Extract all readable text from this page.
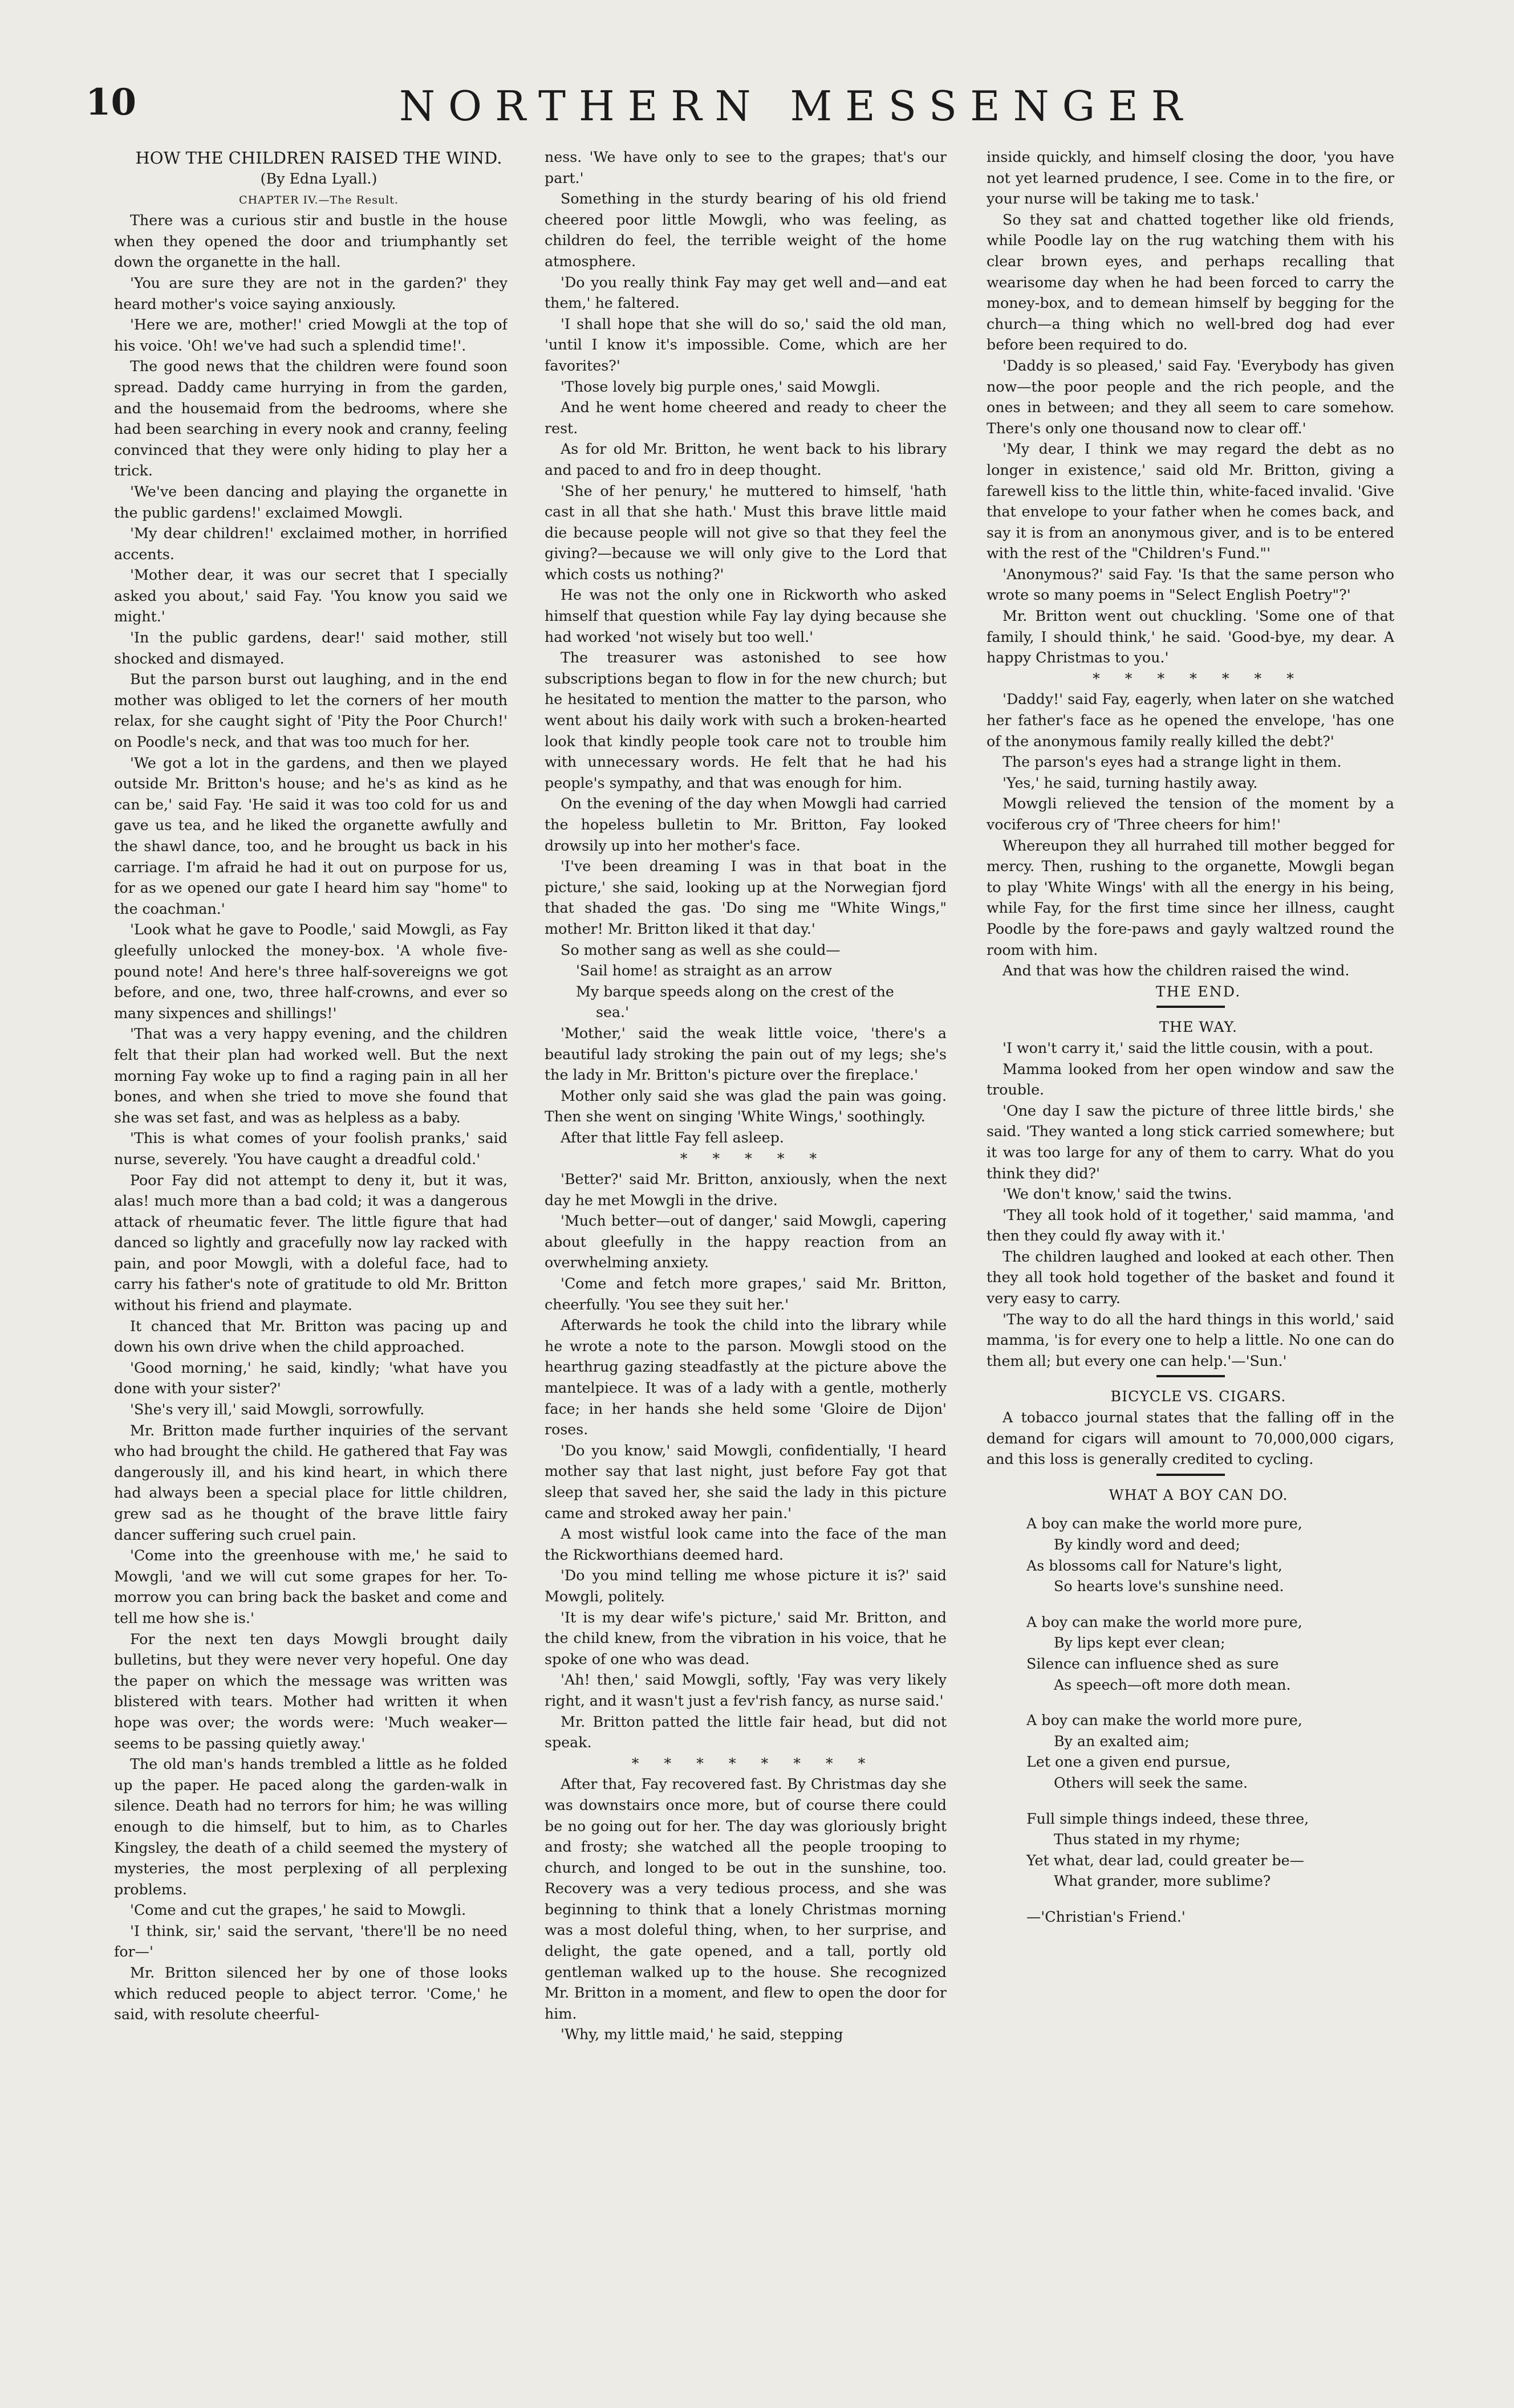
10	NORTHERN MESSENGER

HOW THE CHILDREN RAISED THE WIND.

(By Edna Lyall.)

CHAPTER IV.—The Result.

There was a curious stir and bustle in the house when they opened the door and triumphantly set down the organette in the hall.

'You are sure they are not in the garden?' they heard mother's voice saying anxiously.

'Here we are, mother!' cried Mowgli at the top of his voice. 'Oh! we've had such a splendid time!'.

The good news that the children were found soon spread. Daddy came hurrying in from the garden, and the housemaid from the bedrooms, where she had been searching in every nook and cranny, feeling convinced that they were only hiding to play her a trick.

'We've been dancing and playing the organette in the public gardens!' exclaimed Mowgli.

'My dear children!' exclaimed mother, in horrified accents.

'Mother dear, it was our secret that I specially asked you about,' said Fay. 'You know you said we might.'

'In the public gardens, dear!' said mother, still shocked and dismayed.

But the parson burst out laughing, and in the end mother was obliged to let the corners of her mouth relax, for she caught sight of 'Pity the Poor Church!' on Poodle's neck, and that was too much for her.

'We got a lot in the gardens, and then we played outside Mr. Britton's house; and he's as kind as he can be,' said Fay. 'He said it was too cold for us and gave us tea, and he liked the organette awfully and the shawl dance, too, and he brought us back in his carriage. I'm afraid he had it out on purpose for us, for as we opened our gate I heard him say "home" to the coachman.'

'Look what he gave to Poodle,' said Mowgli, as Fay gleefully unlocked the money-box. 'A whole five-pound note! And here's three half-sovereigns we got before, and one, two, three half-crowns, and ever so many sixpences and shillings!'

'That was a very happy evening, and the children felt that their plan had worked well. But the next morning Fay woke up to find a raging pain in all her bones, and when she tried to move she found that she was set fast, and was as helpless as a baby.

'This is what comes of your foolish pranks,' said nurse, severely. 'You have caught a dreadful cold.'

Poor Fay did not attempt to deny it, but it was, alas! much more than a bad cold; it was a dangerous attack of rheumatic fever. The little figure that had danced so lightly and gracefully now lay racked with pain, and poor Mowgli, with a doleful face, had to carry his father's note of gratitude to old Mr. Britton without his friend and playmate.

It chanced that Mr. Britton was pacing up and down his own drive when the child approached.

'Good morning,' he said, kindly; 'what have you done with your sister?'

'She's very ill,' said Mowgli, sorrowfully.

Mr. Britton made further inquiries of the servant who had brought the child. He gathered that Fay was dangerously ill, and his kind heart, in which there had always been a special place for little children, grew sad as he thought of the brave little fairy dancer suffering such cruel pain.

'Come into the greenhouse with me,' he said to Mowgli, 'and we will cut some grapes for her. To-morrow you can bring back the basket and come and tell me how she is.'

For the next ten days Mowgli brought daily bulletins, but they were never very hopeful. One day the paper on which the message was written was blistered with tears. Mother had written it when hope was over; the words were: 'Much weaker—seems to be passing quietly away.'

The old man's hands trembled a little as he folded up the paper. He paced along the garden-walk in silence. Death had no terrors for him; he was willing enough to die himself, but to him, as to Charles Kingsley, the death of a child seemed the mystery of mysteries, the most perplexing of all perplexing problems.

'Come and cut the grapes,' he said to Mowgli.

'I think, sir,' said the servant, 'there'll be no need for—'

Mr. Britton silenced her by one of those looks which reduced people to abject terror. 'Come,' he said, with resolute cheerful-

ness. 'We have only to see to the grapes; that's our part.'

Something in the sturdy bearing of his old friend cheered poor little Mowgli, who was feeling, as children do feel, the terrible weight of the home atmosphere.

'Do you really think Fay may get well and—and eat them,' he faltered.

'I shall hope that she will do so,' said the old man, 'until I know it's impossible. Come, which are her favorites?'

'Those lovely big purple ones,' said Mowgli.

And he went home cheered and ready to cheer the rest.

As for old Mr. Britton, he went back to his library and paced to and fro in deep thought.

'She of her penury,' he muttered to himself, 'hath cast in all that she hath.' Must this brave little maid die because people will not give so that they feel the giving?—because we will only give to the Lord that which costs us nothing?'

He was not the only one in Rickworth who asked himself that question while Fay lay dying because she had worked 'not wisely but too well.'

The treasurer was astonished to see how subscriptions began to flow in for the new church; but he hesitated to mention the matter to the parson, who went about his daily work with such a broken-hearted look that kindly people took care not to trouble him with unnecessary words. He felt that he had his people's sympathy, and that was enough for him.

On the evening of the day when Mowgli had carried the hopeless bulletin to Mr. Britton, Fay looked drowsily up into her mother's face.

'I've been dreaming I was in that boat in the picture,' she said, looking up at the Norwegian fjord that shaded the gas. 'Do sing me "White Wings," mother! Mr. Britton liked it that day.'

So mother sang as well as she could—

'Sail home! as straight as an arrow

My barque speeds along on the crest of the

sea.'

'Mother,' said the weak little voice, 'there's a beautiful lady stroking the pain out of my legs; she's the lady in Mr. Britton's picture over the fireplace.'

Mother only said she was glad the pain was going. Then she went on singing 'White Wings,' soothingly.

After that little Fay fell asleep.

* * * * *

'Better?' said Mr. Britton, anxiously, when the next day he met Mowgli in the drive.

'Much better—out of danger,' said Mowgli, capering about gleefully in the happy reaction from an overwhelming anxiety.

'Come and fetch more grapes,' said Mr. Britton, cheerfully. 'You see they suit her.'

Afterwards he took the child into the library while he wrote a note to the parson. Mowgli stood on the hearthrug gazing steadfastly at the picture above the mantelpiece. It was of a lady with a gentle, motherly face; in her hands she held some 'Gloire de Dijon' roses.

'Do you know,' said Mowgli, confidentially, 'I heard mother say that last night, just before Fay got that sleep that saved her, she said the lady in this picture came and stroked away her pain.'

A most wistful look came into the face of the man the Rickworthians deemed hard.

'Do you mind telling me whose picture it is?' said Mowgli, politely.

'It is my dear wife's picture,' said Mr. Britton, and the child knew, from the vibration in his voice, that he spoke of one who was dead.

'Ah! then,' said Mowgli, softly, 'Fay was very likely right, and it wasn't just a fev'rish fancy, as nurse said.'

Mr. Britton patted the little fair head, but did not speak.

* * * * * * * *

After that, Fay recovered fast. By Christmas day she was downstairs once more, but of course there could be no going out for her. The day was gloriously bright and frosty; she watched all the people trooping to church, and longed to be out in the sunshine, too. Recovery was a very tedious process, and she was beginning to think that a lonely Christmas morning was a most doleful thing, when, to her surprise, and delight, the gate opened, and a tall, portly old gentleman walked up to the house. She recognized Mr. Britton in a moment, and flew to open the door for him.

'Why, my little maid,' he said, stepping

inside quickly, and himself closing the door, 'you have not yet learned prudence, I see. Come in to the fire, or your nurse will be taking me to task.'

So they sat and chatted together like old friends, while Poodle lay on the rug watching them with his clear brown eyes, and perhaps recalling that wearisome day when he had been forced to carry the money-box, and to demean himself by begging for the church—a thing which no well-bred dog had ever before been required to do.

'Daddy is so pleased,' said Fay. 'Everybody has given now—the poor people and the rich people, and the ones in between; and they all seem to care somehow. There's only one thousand now to clear off.'

'My dear, I think we may regard the debt as no longer in existence,' said old Mr. Britton, giving a farewell kiss to the little thin, white-faced invalid. 'Give that envelope to your father when he comes back, and say it is from an anonymous giver, and is to be entered with the rest of the "Children's Fund."'

'Anonymous?' said Fay. 'Is that the same person who wrote so many poems in "Select English Poetry"?'

Mr. Britton went out chuckling. 'Some one of that family, I should think,' he said. 'Good-bye, my dear. A happy Christmas to you.'

* * * * * * *

'Daddy!' said Fay, eagerly, when later on she watched her father's face as he opened the envelope, 'has one of the anonymous family really killed the debt?'

The parson's eyes had a strange light in them.

'Yes,' he said, turning hastily away.

Mowgli relieved the tension of the moment by a vociferous cry of 'Three cheers for him!'

Whereupon they all hurrahed till mother begged for mercy. Then, rushing to the organette, Mowgli began to play 'White Wings' with all the energy in his being, while Fay, for the first time since her illness, caught Poodle by the fore-paws and gayly waltzed round the room with him.

And that was how the children raised the wind.

THE END.

THE WAY.

'I won't carry it,' said the little cousin, with a pout.

Mamma looked from her open window and saw the trouble.

'One day I saw the picture of three little birds,' she said. 'They wanted a long stick carried somewhere; but it was too large for any of them to carry. What do you think they did?'

'We don't know,' said the twins.

'They all took hold of it together,' said mamma, 'and then they could fly away with it.'

The children laughed and looked at each other. Then they all took hold together of the basket and found it very easy to carry.

'The way to do all the hard things in this world,' said mamma, 'is for every one to help a little. No one can do them all; but every one can help.'—'Sun.'

BICYCLE VS. CIGARS.

A tobacco journal states that the falling off in the demand for cigars will amount to 70,000,000 cigars, and this loss is generally credited to cycling.

WHAT A BOY CAN DO.

A boy can make the world more pure,

By kindly word and deed;

As blossoms call for Nature's light,

So hearts love's sunshine need.

A boy can make the world more pure,

By lips kept ever clean;

Silence can influence shed as sure

As speech—oft more doth mean.

A boy can make the world more pure,

By an exalted aim;

Let one a given end pursue,

Others will seek the same.

Full simple things indeed, these three,

Thus stated in my rhyme;

Yet what, dear lad, could greater be—

What grander, more sublime?

—'Christian's Friend.'
